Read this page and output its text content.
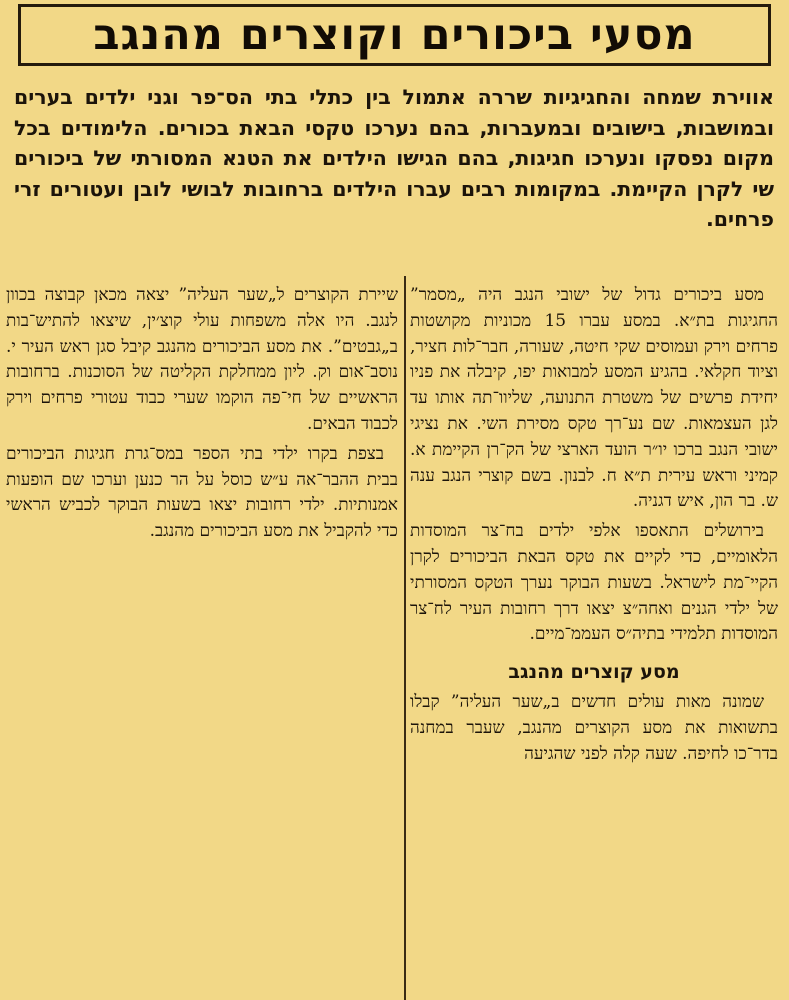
מסעי ביכורים וקוצרים מהנגב
אווירת שמחה והחגיגיות שררה אתמול בין כתלי בתי הס־פר וגני ילדים בערים ובמושבות, בישובים ובמעברות, בהם נערכו טקסי הבאת בכורים. הלימודים בכל מקום נפסקו ונערכו חגיגות, בהם הגישו הילדים את הטנא המסורתי של ביכורים שי לקרן הקיימת. במקומות רבים עברו הילדים ברחובות לבושי לובן ועטורים זרי פרחים.

מסע ביכורים גדול של ישובי הנגב היה „מסמר” החגיגות בת״א. במסע עברו 15 מכוניות מקושטות פרחים וירק ועמוסים שקי חיטה, שעורה, חבר־לות חציר, וציוד חקלאי. בהגיע המסע למבואות יפו, קיבלה את פניו יחידת פרשים של משטרת התנועה, שליוו־תה אותו עד לגן העצמאות. שם נע־רך טקס מסירת השי. את נציגי ישובי הנגב ברכו יו״ר הועד הארצי של הק־רן הקיימת א. קמיני וראש עירית ת״א ח. לבנון. בשם קוצרי הנגב ענה ש. בר הון, איש דגניה.

בירושלים התאספו אלפי ילדים בח־צר המוסדות הלאומיים, כדי לקיים את טקס הבאת הביכורים לקרן הקיי־מת לישראל. בשעות הבוקר נערך הטקס המסורתי של ילדי הגנים ואחה״צ יצאו דרך רחובות העיר לח־צר המוסדות תלמידי בתיה״ס העממ־מיים.

מסע קוצרים מהנגב

שמונה מאות עולים חדשים ב„שער העליה” קבלו בתשואות את מסע הקוצרים מהנגב, שעבר במחנה בדר־כו לחיפה. שעה קלה לפני שהגיעה

שיירת הקוצרים ל„שער העליה” יצאה מכאן קבוצה בכוון לנגב. היו אלה משפחות עולי קוצ׳ין, שיצאו להתיש־בות ב„גבטים”. את מסע הביכורים מהנגב קיבל סגן ראש העיר י. נוסב־אום וק. ליון ממחלקת הקליטה של הסוכנות. ברחובות הראשיים של חי־פה הוקמו שערי כבוד עטורי פרחים וירק לכבוד הבאים.

בצפת בקרו ילדי בתי הספר במס־גרת חגיגות הביכורים בבית ההבר־אה ע״ש כוסל על הר כנען וערכו שם הופעות אמנותיות. ילדי רחובות יצאו בשעות הבוקר לכביש הראשי כדי להקביל את מסע הביכורים מהנגב.
